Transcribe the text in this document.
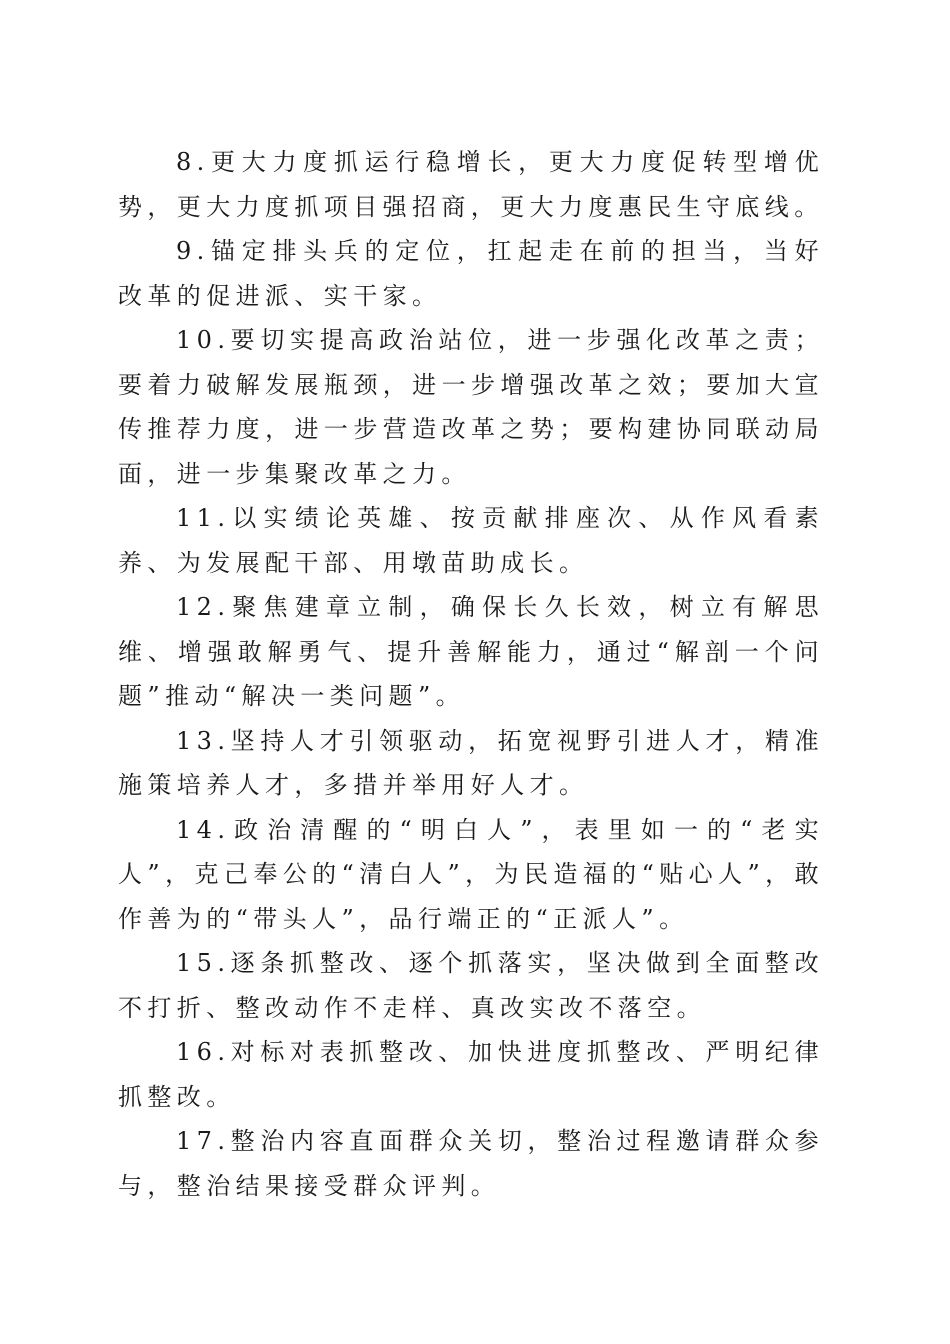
8.更大力度抓运行稳增长，更大力度促转型增优势，更大力度抓项目强招商，更大力度惠民生守底线。

9.锚定排头兵的定位，扛起走在前的担当，当好改革的促进派、实干家。

10.要切实提高政治站位，进一步强化改革之责；要着力破解发展瓶颈，进一步增强改革之效；要加大宣传推荐力度，进一步营造改革之势；要构建协同联动局面，进一步集聚改革之力。

11.以实绩论英雄、按贡献排座次、从作风看素养、为发展配干部、用墩苗助成长。

12.聚焦建章立制，确保长久长效，树立有解思维、增强敢解勇气、提升善解能力，通过“解剖一个问题”推动“解决一类问题”。

13.坚持人才引领驱动，拓宽视野引进人才，精准施策培养人才，多措并举用好人才。

14.政治清醒的“明白人”，表里如一的“老实人”，克己奉公的“清白人”，为民造福的“贴心人”，敢作善为的“带头人”，品行端正的“正派人”。

15.逐条抓整改、逐个抓落实，坚决做到全面整改不打折、整改动作不走样、真改实改不落空。

16.对标对表抓整改、加快进度抓整改、严明纪律抓整改。

17.整治内容直面群众关切，整治过程邀请群众参与，整治结果接受群众评判。
